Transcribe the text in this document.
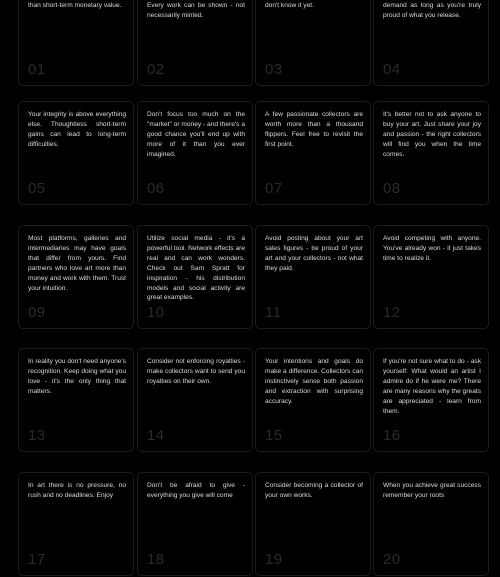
than short-term monetary value.
01
Every work can be shown - not necessarily minted.
02
don't know it yet.
03
demand as long as you're truly proud of what you release.
04
Your integrity is above everything else. Thoughtless short-term gains can lead to long-term difficulties.
05
Don't focus too much on the "market" or money - and there's a good chance you'll end up with more of it than you ever imagined.
06
A few passionate collectors are worth more than a thousand flippers. Feel free to revisit the first point.
07
It's better not to ask anyone to buy your art. Just share your joy and passion - the right collectors will find you when the time comes.
08
Most platforms, galleries and intermediaries may have goals that differ from yours. Find partners who love art more than money and work with them. Trust your intuition.
09
Utilize social media - it's a powerful tool. Network effects are real and can work wonders. Check out Sam Spratt for inspiration - his distribution models and social activity are great examples.
10
Avoid posting about your art sales figures - be proud of your art and your collectors - not what they paid.
11
Avoid competing with anyone. You've already won - it just takes time to realize it.
12
In reality you don't need anyone's recognition. Keep doing what you love - it's the only thing that matters.
13
Consider not enforcing royalties - make collectors want to send you royalties on their own.
14
Your intentions and goals do make a difference. Collectors can instinctively sense both passion and extraction with surprising accuracy.
15
If you're not sure what to do - ask yourself: What would an artist I admire do if he were me? There are many reasons why the greats are appreciated - learn from them.
16
In art there is no pressure, no rush and no deadlines. Enjoy
17
Don't be afraid to give - everything you give will come
18
Consider becoming a collector of your own works.
19
When you achieve great success remember your roots
20
